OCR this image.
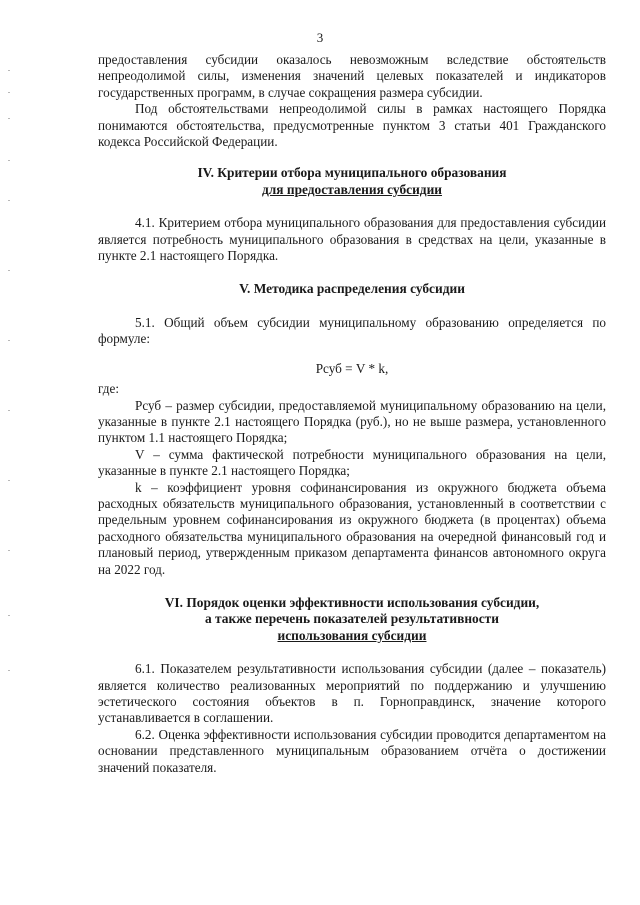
3

предоставления субсидии оказалось невозможным вследствие обстоятельств непреодолимой силы, изменения значений целевых показателей и индикаторов государственных программ, в случае сокращения размера субсидии.

Под обстоятельствами непреодолимой силы в рамках настоящего Порядка понимаются обстоятельства, предусмотренные пунктом 3 статьи 401 Гражданского кодекса Российской Федерации.

IV. Критерии отбора муниципального образования
для предоставления субсидии

4.1. Критерием отбора муниципального образования для предоставления субсидии является потребность муниципального образования в средствах на цели, указанные в пункте 2.1 настоящего Порядка.

V. Методика распределения субсидии

5.1. Общий объем субсидии муниципальному образованию определяется по формуле:

Рсуб = V * k,

где:

Рсуб – размер субсидии, предоставляемой муниципальному образованию на цели, указанные в пункте 2.1 настоящего Порядка (руб.), но не выше размера, установленного пунктом 1.1 настоящего Порядка;

V – сумма фактической потребности муниципального образования на цели, указанные в пункте 2.1 настоящего Порядка;

k – коэффициент уровня софинансирования из окружного бюджета объема расходных обязательств муниципального образования, установленный в соответствии с предельным уровнем софинансирования из окружного бюджета (в процентах) объема расходного обязательства муниципального образования на очередной финансовый год и плановый период, утвержденным приказом департамента финансов автономного округа на 2022 год.

VI. Порядок оценки эффективности использования субсидии,
а также перечень показателей результативности
использования субсидии

6.1. Показателем результативности использования субсидии (далее – показатель) является количество реализованных мероприятий по поддержанию и улучшению эстетического состояния объектов в п. Горноправдинск, значение которого устанавливается в соглашении.

6.2. Оценка эффективности использования субсидии проводится департаментом на основании представленного муниципальным образованием отчёта о достижении значений показателя.
